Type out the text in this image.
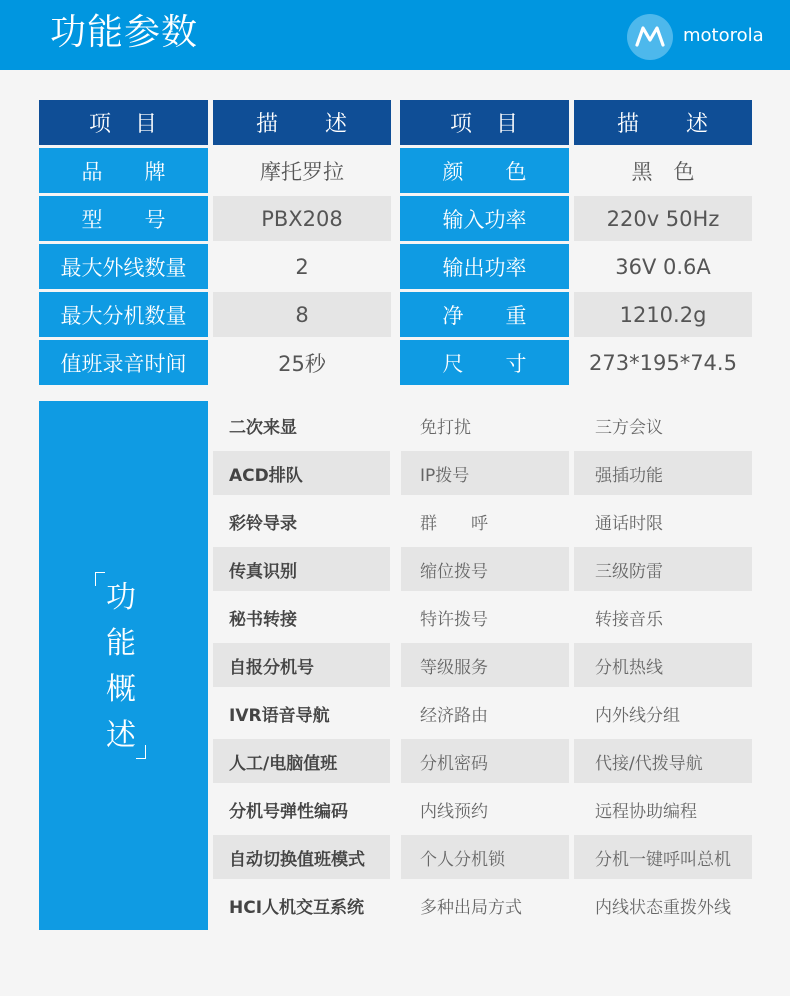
功能参数	motorola
项　目	描　　述	项　目	描　　述
品　　牌	摩托罗拉	颜　　色	黑　色
型　　号	PBX208	输入功率	220v 50Hz
最大外线数量	2	输出功率	36V 0.6A
最大分机数量	8	净　　重	1210.2g
值班录音时间	25秒	尺　　寸	273*195*74.5
功
能
概
述
二次来显	免打扰	三方会议
ACD排队	IP拨号	强插功能
彩铃导录	群　　呼	通话时限
传真识别	缩位拨号	三级防雷
秘书转接	特许拨号	转接音乐
自报分机号	等级服务	分机热线
IVR语音导航	经济路由	内外线分组
人工/电脑值班	分机密码	代接/代拨导航
分机号弹性编码	内线预约	远程协助编程
自动切换值班模式	个人分机锁	分机一键呼叫总机
HCI人机交互系统	多种出局方式	内线状态重拨外线
